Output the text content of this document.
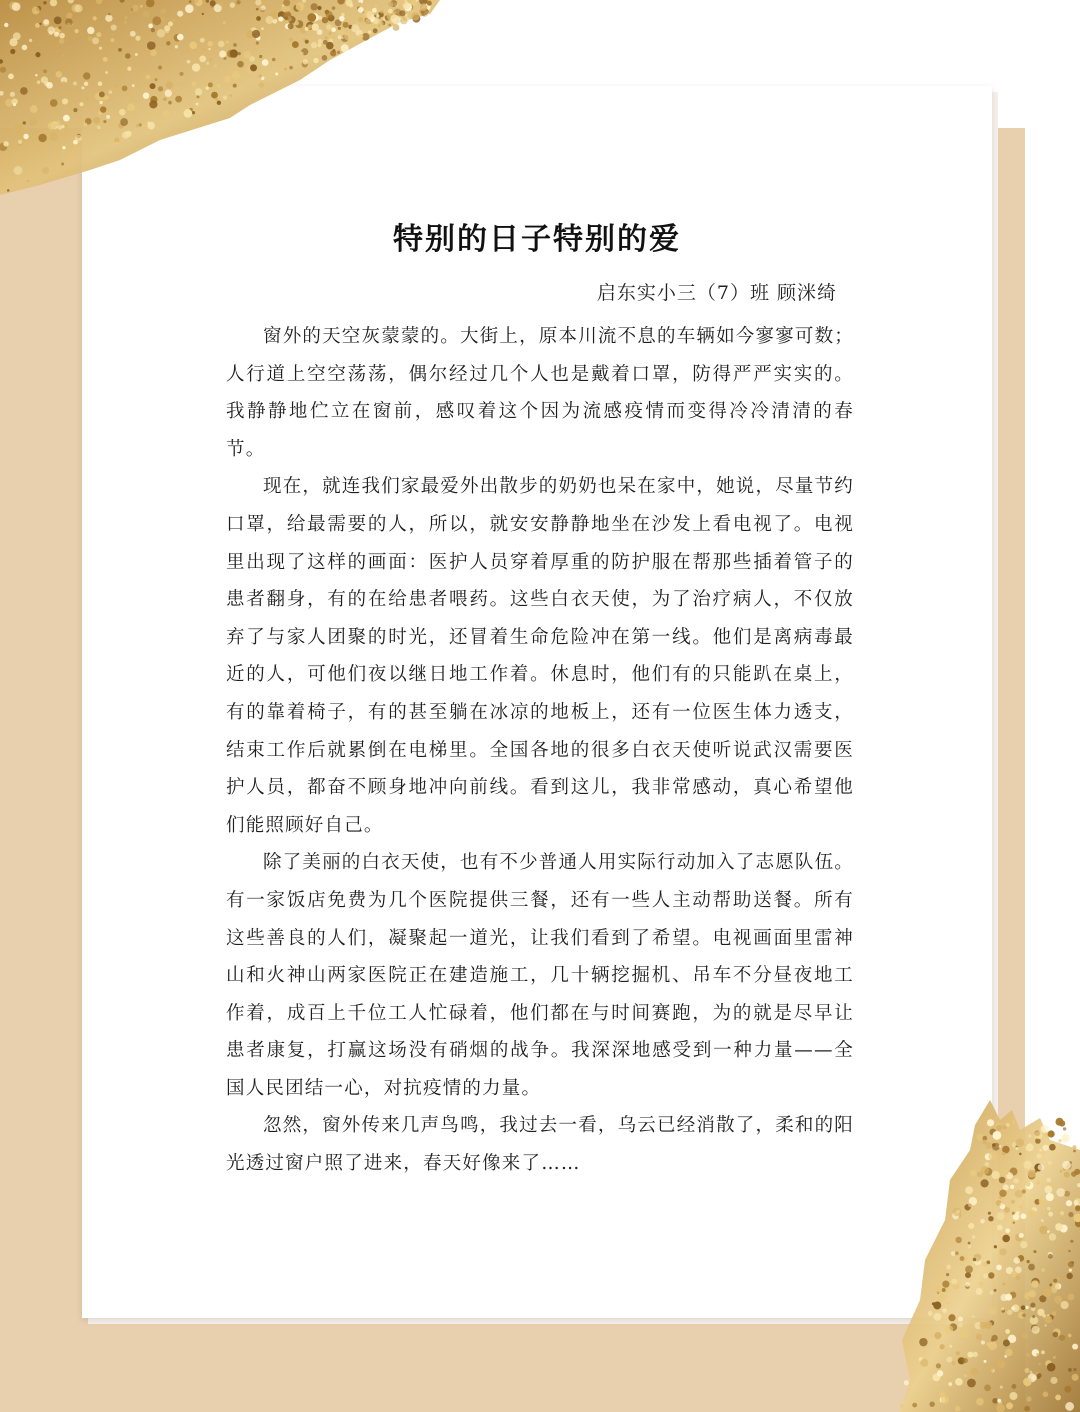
特别的日子特别的爱
启东实小三（7）班 顾洣绮

窗外的天空灰蒙蒙的。大街上，原本川流不息的车辆如今寥寥可数；人行道上空空荡荡，偶尔经过几个人也是戴着口罩，防得严严实实的。我静静地伫立在窗前，感叹着这个因为流感疫情而变得冷冷清清的春节。

现在，就连我们家最爱外出散步的奶奶也呆在家中，她说，尽量节约口罩，给最需要的人，所以，就安安静静地坐在沙发上看电视了。电视里出现了这样的画面：医护人员穿着厚重的防护服在帮那些插着管子的患者翻身，有的在给患者喂药。这些白衣天使，为了治疗病人，不仅放弃了与家人团聚的时光，还冒着生命危险冲在第一线。他们是离病毒最近的人，可他们夜以继日地工作着。休息时，他们有的只能趴在桌上，有的靠着椅子，有的甚至躺在冰凉的地板上，还有一位医生体力透支，结束工作后就累倒在电梯里。全国各地的很多白衣天使听说武汉需要医护人员，都奋不顾身地冲向前线。看到这儿，我非常感动，真心希望他们能照顾好自己。

除了美丽的白衣天使，也有不少普通人用实际行动加入了志愿队伍。有一家饭店免费为几个医院提供三餐，还有一些人主动帮助送餐。所有这些善良的人们，凝聚起一道光，让我们看到了希望。电视画面里雷神山和火神山两家医院正在建造施工，几十辆挖掘机、吊车不分昼夜地工作着，成百上千位工人忙碌着，他们都在与时间赛跑，为的就是尽早让患者康复，打赢这场没有硝烟的战争。我深深地感受到一种力量——全国人民团结一心，对抗疫情的力量。

忽然，窗外传来几声鸟鸣，我过去一看，乌云已经消散了，柔和的阳光透过窗户照了进来，春天好像来了……
